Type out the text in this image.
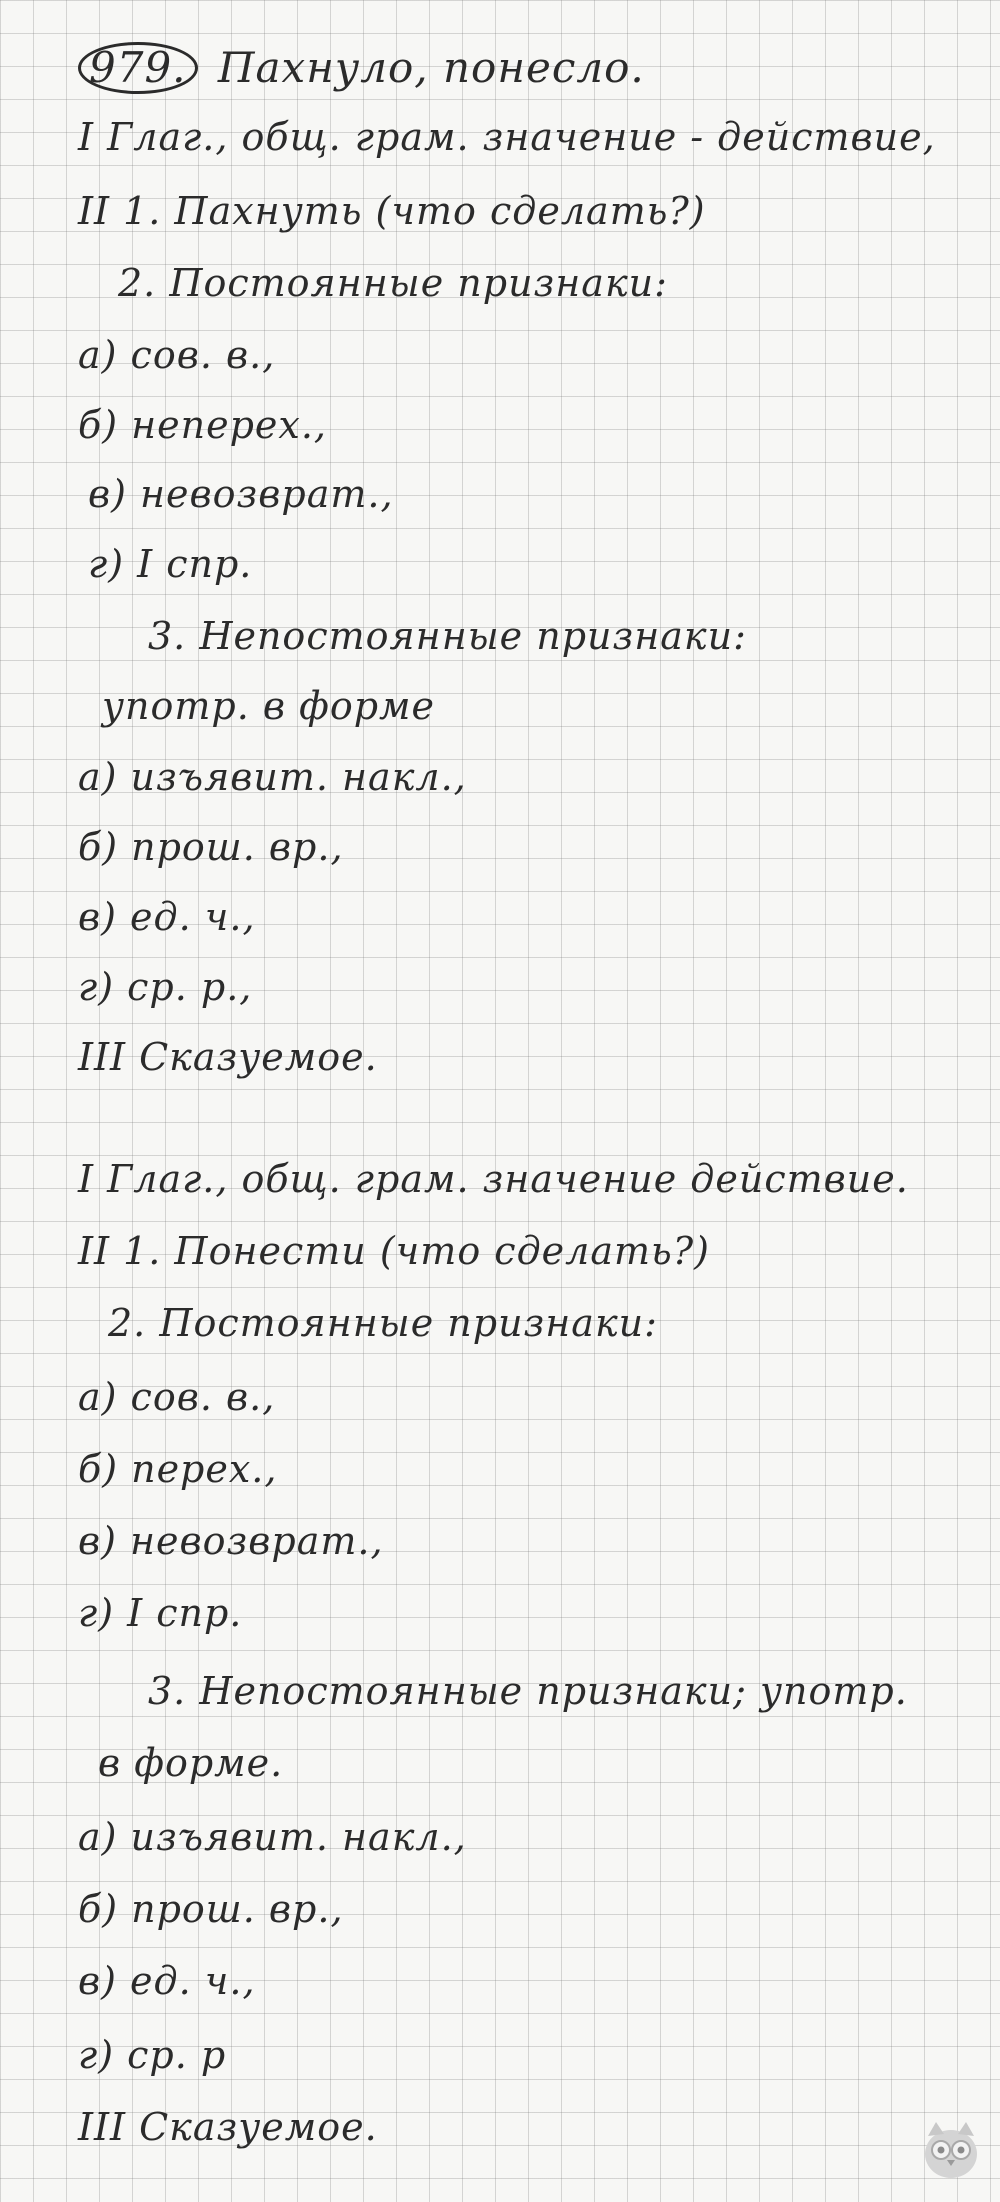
979. Пахнуло, понесло.
I Глаг., общ. грам. значение - действие,
II 1. Пахнуть (что сделать?)
2. Постоянные признаки:
а) сов. в.,
б) неперех.,
в) невозврат.,
г) I спр.
3. Непостоянные признаки:
употр. в форме
а) изъявит. накл.,
б) прош. вр.,
в) ед. ч.,
г) ср. р.,
III Сказуемое.
I Глаг., общ. грам. значение действие.
II 1. Понести (что сделать?)
2. Постоянные признаки:
а) сов. в.,
б) перех.,
в) невозврат.,
г) I спр.
3. Непостоянные признаки; употр.
в форме.
а) изъявит. накл.,
б) прош. вр.,
в) ед. ч.,
г) ср. р
III Сказуемое.
